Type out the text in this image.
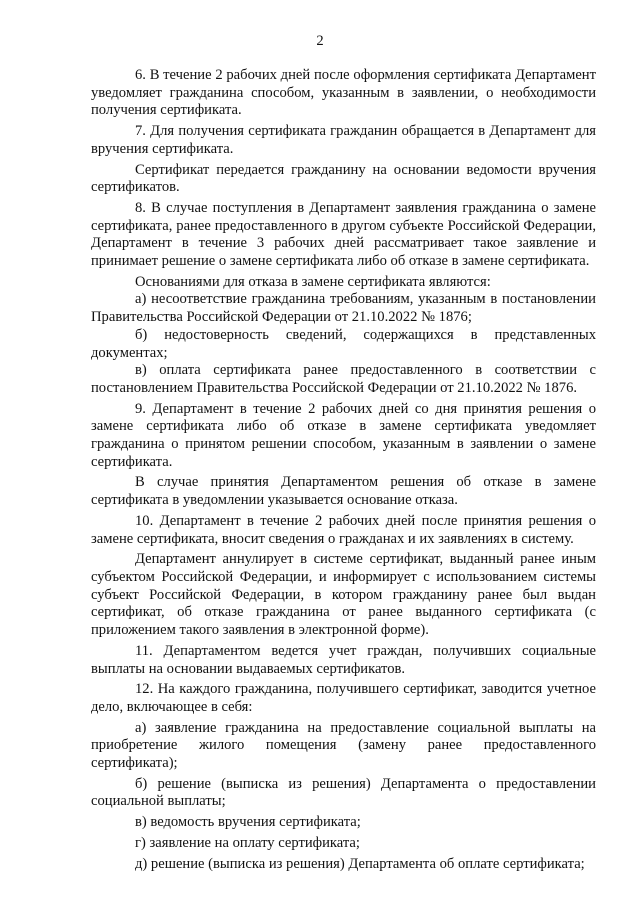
2

6. В течение 2 рабочих дней после оформления сертификата Департамент уведомляет гражданина способом, указанным в заявлении, о необходимости получения сертификата.

7. Для получения сертификата гражданин обращается в Департамент для вручения сертификата.

Сертификат передается гражданину на основании ведомости вручения сертификатов.

8. В случае поступления в Департамент заявления гражданина о замене сертификата, ранее предоставленного в другом субъекте Российской Федерации, Департамент в течение 3 рабочих дней рассматривает такое заявление и принимает решение о замене сертификата либо об отказе в замене сертификата.

Основаниями для отказа в замене сертификата являются:

а) несоответствие гражданина требованиям, указанным в постановлении Правительства Российской Федерации от 21.10.2022 № 1876;

б) недостоверность сведений, содержащихся в представленных документах;

в) оплата сертификата ранее предоставленного в соответствии с постановлением Правительства Российской Федерации от 21.10.2022 № 1876.

9. Департамент в течение 2 рабочих дней со дня принятия решения о замене сертификата либо об отказе в замене сертификата уведомляет гражданина о принятом решении способом, указанным в заявлении о замене сертификата.

В случае принятия Департаментом решения об отказе в замене сертификата в уведомлении указывается основание отказа.

10. Департамент в течение 2 рабочих дней после принятия решения о замене сертификата, вносит сведения о гражданах и их заявлениях в систему.

Департамент аннулирует в системе сертификат, выданный ранее иным субъектом Российской Федерации, и информирует с использованием системы субъект Российской Федерации, в котором гражданину ранее был выдан сертификат, об отказе гражданина от ранее выданного сертификата (с приложением такого заявления в электронной форме).

11. Департаментом ведется учет граждан, получивших социальные выплаты на основании выдаваемых сертификатов.

12. На каждого гражданина, получившего сертификат, заводится учетное дело, включающее в себя:

а) заявление гражданина на предоставление социальной выплаты на приобретение жилого помещения (замену ранее предоставленного сертификата);

б) решение (выписка из решения) Департамента о предоставлении социальной выплаты;

в) ведомость вручения сертификата;

г) заявление на оплату сертификата;

д) решение (выписка из решения) Департамента об оплате сертификата;
